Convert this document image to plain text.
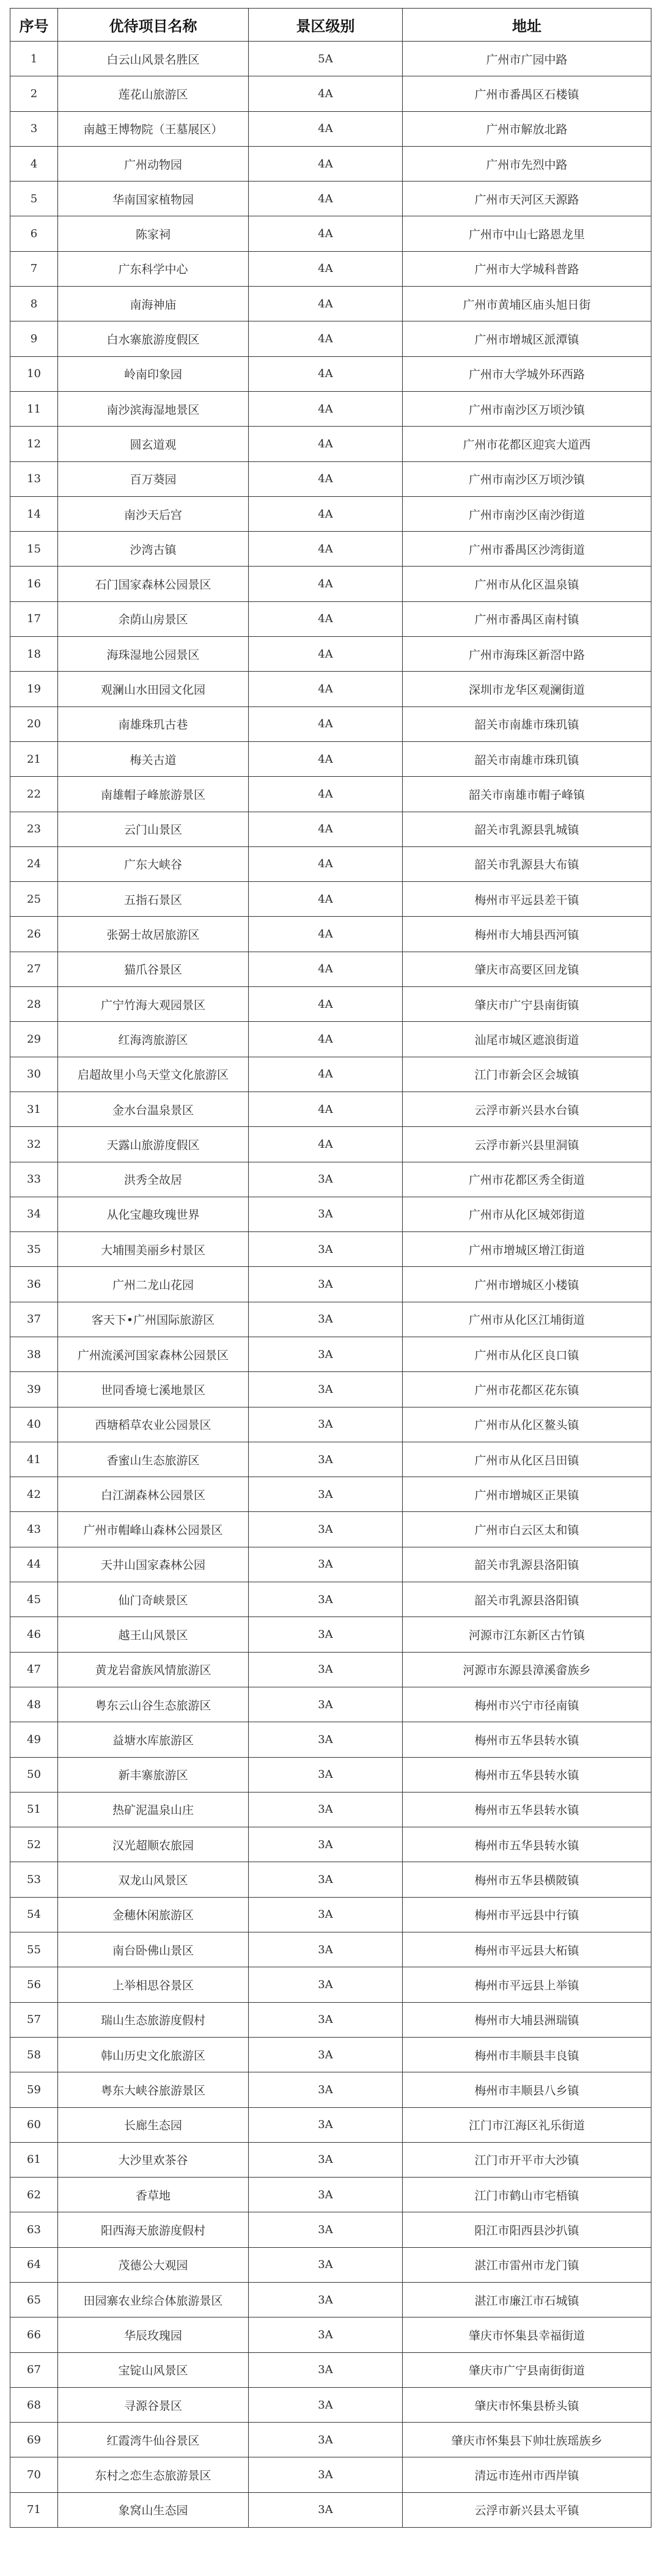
序号	优待项目名称	景区级别	地址
1	白云山风景名胜区	5A	广州市广园中路
2	莲花山旅游区	4A	广州市番禺区石楼镇
3	南越王博物院（王墓展区）	4A	广州市解放北路
4	广州动物园	4A	广州市先烈中路
5	华南国家植物园	4A	广州市天河区天源路
6	陈家祠	4A	广州市中山七路恩龙里
7	广东科学中心	4A	广州市大学城科普路
8	南海神庙	4A	广州市黄埔区庙头旭日街
9	白水寨旅游度假区	4A	广州市增城区派潭镇
10	岭南印象园	4A	广州市大学城外环西路
11	南沙滨海湿地景区	4A	广州市南沙区万顷沙镇
12	圆玄道观	4A	广州市花都区迎宾大道西
13	百万葵园	4A	广州市南沙区万顷沙镇
14	南沙天后宫	4A	广州市南沙区南沙街道
15	沙湾古镇	4A	广州市番禺区沙湾街道
16	石门国家森林公园景区	4A	广州市从化区温泉镇
17	余荫山房景区	4A	广州市番禺区南村镇
18	海珠湿地公园景区	4A	广州市海珠区新滘中路
19	观澜山水田园文化园	4A	深圳市龙华区观澜街道
20	南雄珠玑古巷	4A	韶关市南雄市珠玑镇
21	梅关古道	4A	韶关市南雄市珠玑镇
22	南雄帽子峰旅游景区	4A	韶关市南雄市帽子峰镇
23	云门山景区	4A	韶关市乳源县乳城镇
24	广东大峡谷	4A	韶关市乳源县大布镇
25	五指石景区	4A	梅州市平远县差干镇
26	张弼士故居旅游区	4A	梅州市大埔县西河镇
27	猫爪谷景区	4A	肇庆市高要区回龙镇
28	广宁竹海大观园景区	4A	肇庆市广宁县南街镇
29	红海湾旅游区	4A	汕尾市城区遮浪街道
30	启超故里小鸟天堂文化旅游区	4A	江门市新会区会城镇
31	金水台温泉景区	4A	云浮市新兴县水台镇
32	天露山旅游度假区	4A	云浮市新兴县里洞镇
33	洪秀全故居	3A	广州市花都区秀全街道
34	从化宝趣玫瑰世界	3A	广州市从化区城郊街道
35	大埔围美丽乡村景区	3A	广州市增城区增江街道
36	广州二龙山花园	3A	广州市增城区小楼镇
37	客天下•广州国际旅游区	3A	广州市从化区江埔街道
38	广州流溪河国家森林公园景区	3A	广州市从化区良口镇
39	世同香境七溪地景区	3A	广州市花都区花东镇
40	西塘稻草农业公园景区	3A	广州市从化区鳌头镇
41	香蜜山生态旅游区	3A	广州市从化区吕田镇
42	白江湖森林公园景区	3A	广州市增城区正果镇
43	广州市帽峰山森林公园景区	3A	广州市白云区太和镇
44	天井山国家森林公园	3A	韶关市乳源县洛阳镇
45	仙门奇峡景区	3A	韶关市乳源县洛阳镇
46	越王山风景区	3A	河源市江东新区古竹镇
47	黄龙岩畲族风情旅游区	3A	河源市东源县漳溪畲族乡
48	粤东云山谷生态旅游区	3A	梅州市兴宁市径南镇
49	益塘水库旅游区	3A	梅州市五华县转水镇
50	新丰寨旅游区	3A	梅州市五华县转水镇
51	热矿泥温泉山庄	3A	梅州市五华县转水镇
52	汉光超顺农旅园	3A	梅州市五华县转水镇
53	双龙山风景区	3A	梅州市五华县横陂镇
54	金穗休闲旅游区	3A	梅州市平远县中行镇
55	南台卧佛山景区	3A	梅州市平远县大柘镇
56	上举相思谷景区	3A	梅州市平远县上举镇
57	瑞山生态旅游度假村	3A	梅州市大埔县洲瑞镇
58	韩山历史文化旅游区	3A	梅州市丰顺县丰良镇
59	粤东大峡谷旅游景区	3A	梅州市丰顺县八乡镇
60	长廊生态园	3A	江门市江海区礼乐街道
61	大沙里欢茶谷	3A	江门市开平市大沙镇
62	香草地	3A	江门市鹤山市宅梧镇
63	阳西海天旅游度假村	3A	阳江市阳西县沙扒镇
64	茂德公大观园	3A	湛江市雷州市龙门镇
65	田园寨农业综合体旅游景区	3A	湛江市廉江市石城镇
66	华辰玫瑰园	3A	肇庆市怀集县幸福街道
67	宝锭山风景区	3A	肇庆市广宁县南街街道
68	寻源谷景区	3A	肇庆市怀集县桥头镇
69	红霞湾牛仙谷景区	3A	肇庆市怀集县下帅壮族瑶族乡
70	东村之恋生态旅游景区	3A	清远市连州市西岸镇
71	象窝山生态园	3A	云浮市新兴县太平镇
